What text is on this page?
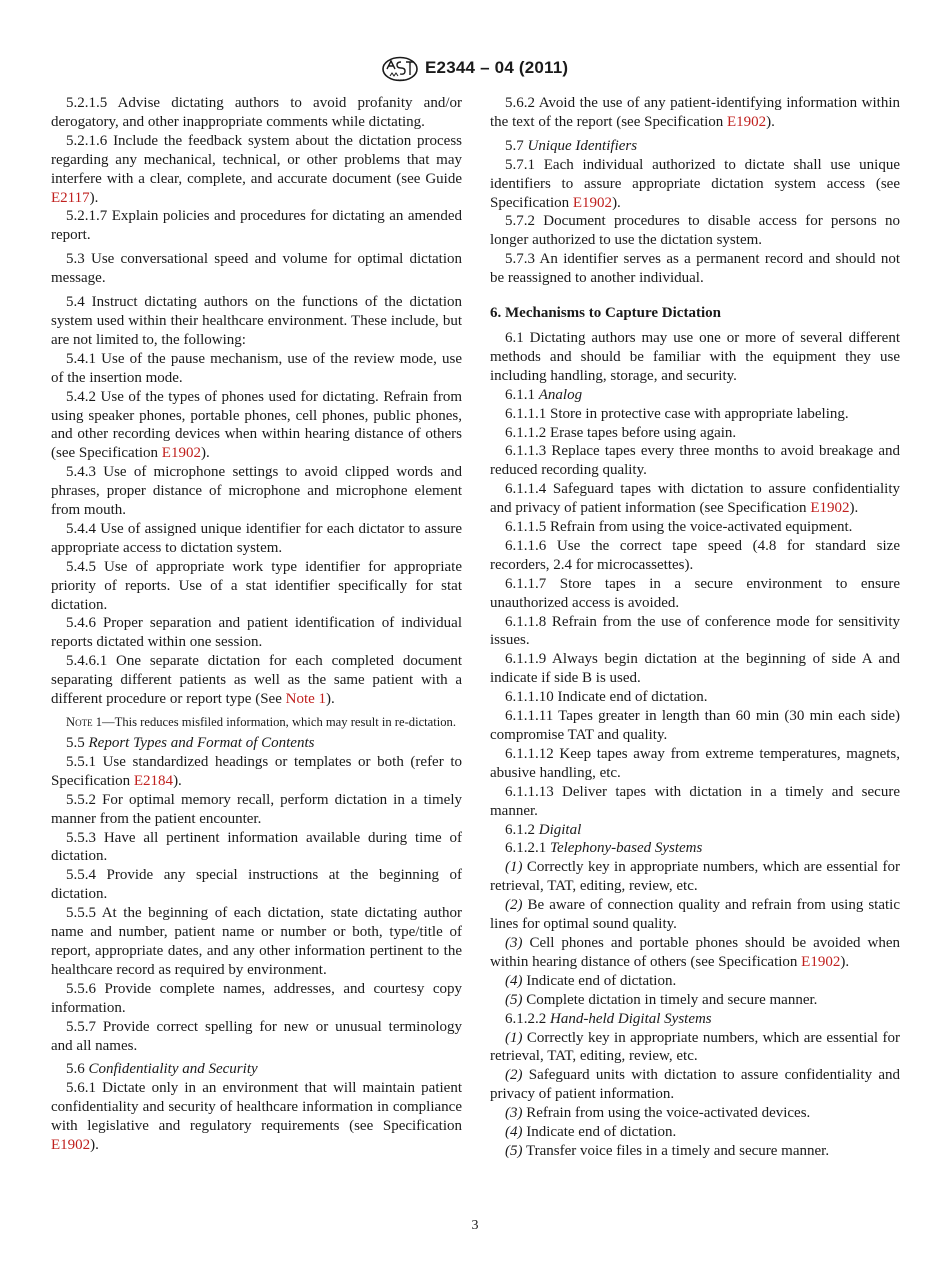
ASTM
E2344 – 04 (2011)

5.2.1.5 Advise dictating authors to avoid profanity and/or derogatory, and other inappropriate comments while dictating.

5.2.1.6 Include the feedback system about the dictation process regarding any mechanical, technical, or other problems that may interfere with a clear, complete, and accurate document (see Guide E2117).

5.2.1.7 Explain policies and procedures for dictating an amended report.

5.3 Use conversational speed and volume for optimal dictation message.

5.4 Instruct dictating authors on the functions of the dictation system used within their healthcare environment. These include, but are not limited to, the following:

5.4.1 Use of the pause mechanism, use of the review mode, use of the insertion mode.

5.4.2 Use of the types of phones used for dictating. Refrain from using speaker phones, portable phones, cell phones, public phones, and other recording devices when within hearing distance of others (see Specification E1902).

5.4.3 Use of microphone settings to avoid clipped words and phrases, proper distance of microphone and microphone element from mouth.

5.4.4 Use of assigned unique identifier for each dictator to assure appropriate access to dictation system.

5.4.5 Use of appropriate work type identifier for appropriate priority of reports. Use of a stat identifier specifically for stat dictation.

5.4.6 Proper separation and patient identification of individual reports dictated within one session.

5.4.6.1 One separate dictation for each completed document separating different patients as well as the same patient with a different procedure or report type (See Note 1).

Note 1—This reduces misfiled information, which may result in re-dictation.

5.5 Report Types and Format of Contents

5.5.1 Use standardized headings or templates or both (refer to Specification E2184).

5.5.2 For optimal memory recall, perform dictation in a timely manner from the patient encounter.

5.5.3 Have all pertinent information available during time of dictation.

5.5.4 Provide any special instructions at the beginning of dictation.

5.5.5 At the beginning of each dictation, state dictating author name and number, patient name or number or both, type/title of report, appropriate dates, and any other information pertinent to the healthcare record as required by environment.

5.5.6 Provide complete names, addresses, and courtesy copy information.

5.5.7 Provide correct spelling for new or unusual terminology and all names.

5.6 Confidentiality and Security

5.6.1 Dictate only in an environment that will maintain patient confidentiality and security of healthcare information in compliance with legislative and regulatory requirements (see Specification E1902).

5.6.2 Avoid the use of any patient-identifying information within the text of the report (see Specification E1902).

5.7 Unique Identifiers

5.7.1 Each individual authorized to dictate shall use unique identifiers to assure appropriate dictation system access (see Specification E1902).

5.7.2 Document procedures to disable access for persons no longer authorized to use the dictation system.

5.7.3 An identifier serves as a permanent record and should not be reassigned to another individual.

6. Mechanisms to Capture Dictation

6.1 Dictating authors may use one or more of several different methods and should be familiar with the equipment they use including handling, storage, and security.

6.1.1 Analog

6.1.1.1 Store in protective case with appropriate labeling.

6.1.1.2 Erase tapes before using again.

6.1.1.3 Replace tapes every three months to avoid breakage and reduced recording quality.

6.1.1.4 Safeguard tapes with dictation to assure confidentiality and privacy of patient information (see Specification E1902).

6.1.1.5 Refrain from using the voice-activated equipment.

6.1.1.6 Use the correct tape speed (4.8 for standard size recorders, 2.4 for microcassettes).

6.1.1.7 Store tapes in a secure environment to ensure unauthorized access is avoided.

6.1.1.8 Refrain from the use of conference mode for sensitivity issues.

6.1.1.9 Always begin dictation at the beginning of side A and indicate if side B is used.

6.1.1.10 Indicate end of dictation.

6.1.1.11 Tapes greater in length than 60 min (30 min each side) compromise TAT and quality.

6.1.1.12 Keep tapes away from extreme temperatures, magnets, abusive handling, etc.

6.1.1.13 Deliver tapes with dictation in a timely and secure manner.

6.1.2 Digital

6.1.2.1 Telephony-based Systems

(1) Correctly key in appropriate numbers, which are essential for retrieval, TAT, editing, review, etc.

(2) Be aware of connection quality and refrain from using static lines for optimal sound quality.

(3) Cell phones and portable phones should be avoided when within hearing distance of others (see Specification E1902).

(4) Indicate end of dictation.

(5) Complete dictation in timely and secure manner.

6.1.2.2 Hand-held Digital Systems

(1) Correctly key in appropriate numbers, which are essential for retrieval, TAT, editing, review, etc.

(2) Safeguard units with dictation to assure confidentiality and privacy of patient information.

(3) Refrain from using the voice-activated devices.

(4) Indicate end of dictation.

(5) Transfer voice files in a timely and secure manner.

3
